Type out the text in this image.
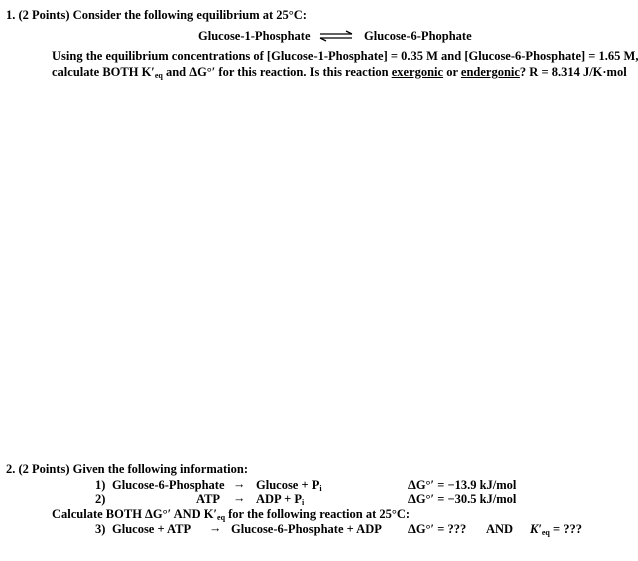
1. (2 Points) Consider the following equilibrium at 25°C:
Glucose-1-Phosphate ⇌ Glucose-6-Phophate
Using the equilibrium concentrations of [Glucose-1-Phosphate] = 0.35 M and [Glucose-6-Phosphate] = 1.65 M,
calculate BOTH $K'_{eq}$ and ΔG°′ for this reaction. Is this reaction exergonic or endergonic? R = 8.314 J/K·mol
2. (2 Points) Given the following information:
1) Glucose-6-Phosphate → $Glucose + P_i$	ΔG°′ = −13.9 kJ/mol
2)	ATP → ADP + $P_i$	ΔG°′ = −30.5 kJ/mol
Calculate BOTH ΔG°′ AND $K'_{eq}$ for the following reaction at 25°C:
3) Glucose + ATP → Glucose-6-Phosphate + ADP ΔG°′ = ??? AND $K'_{eq}$ = ???
